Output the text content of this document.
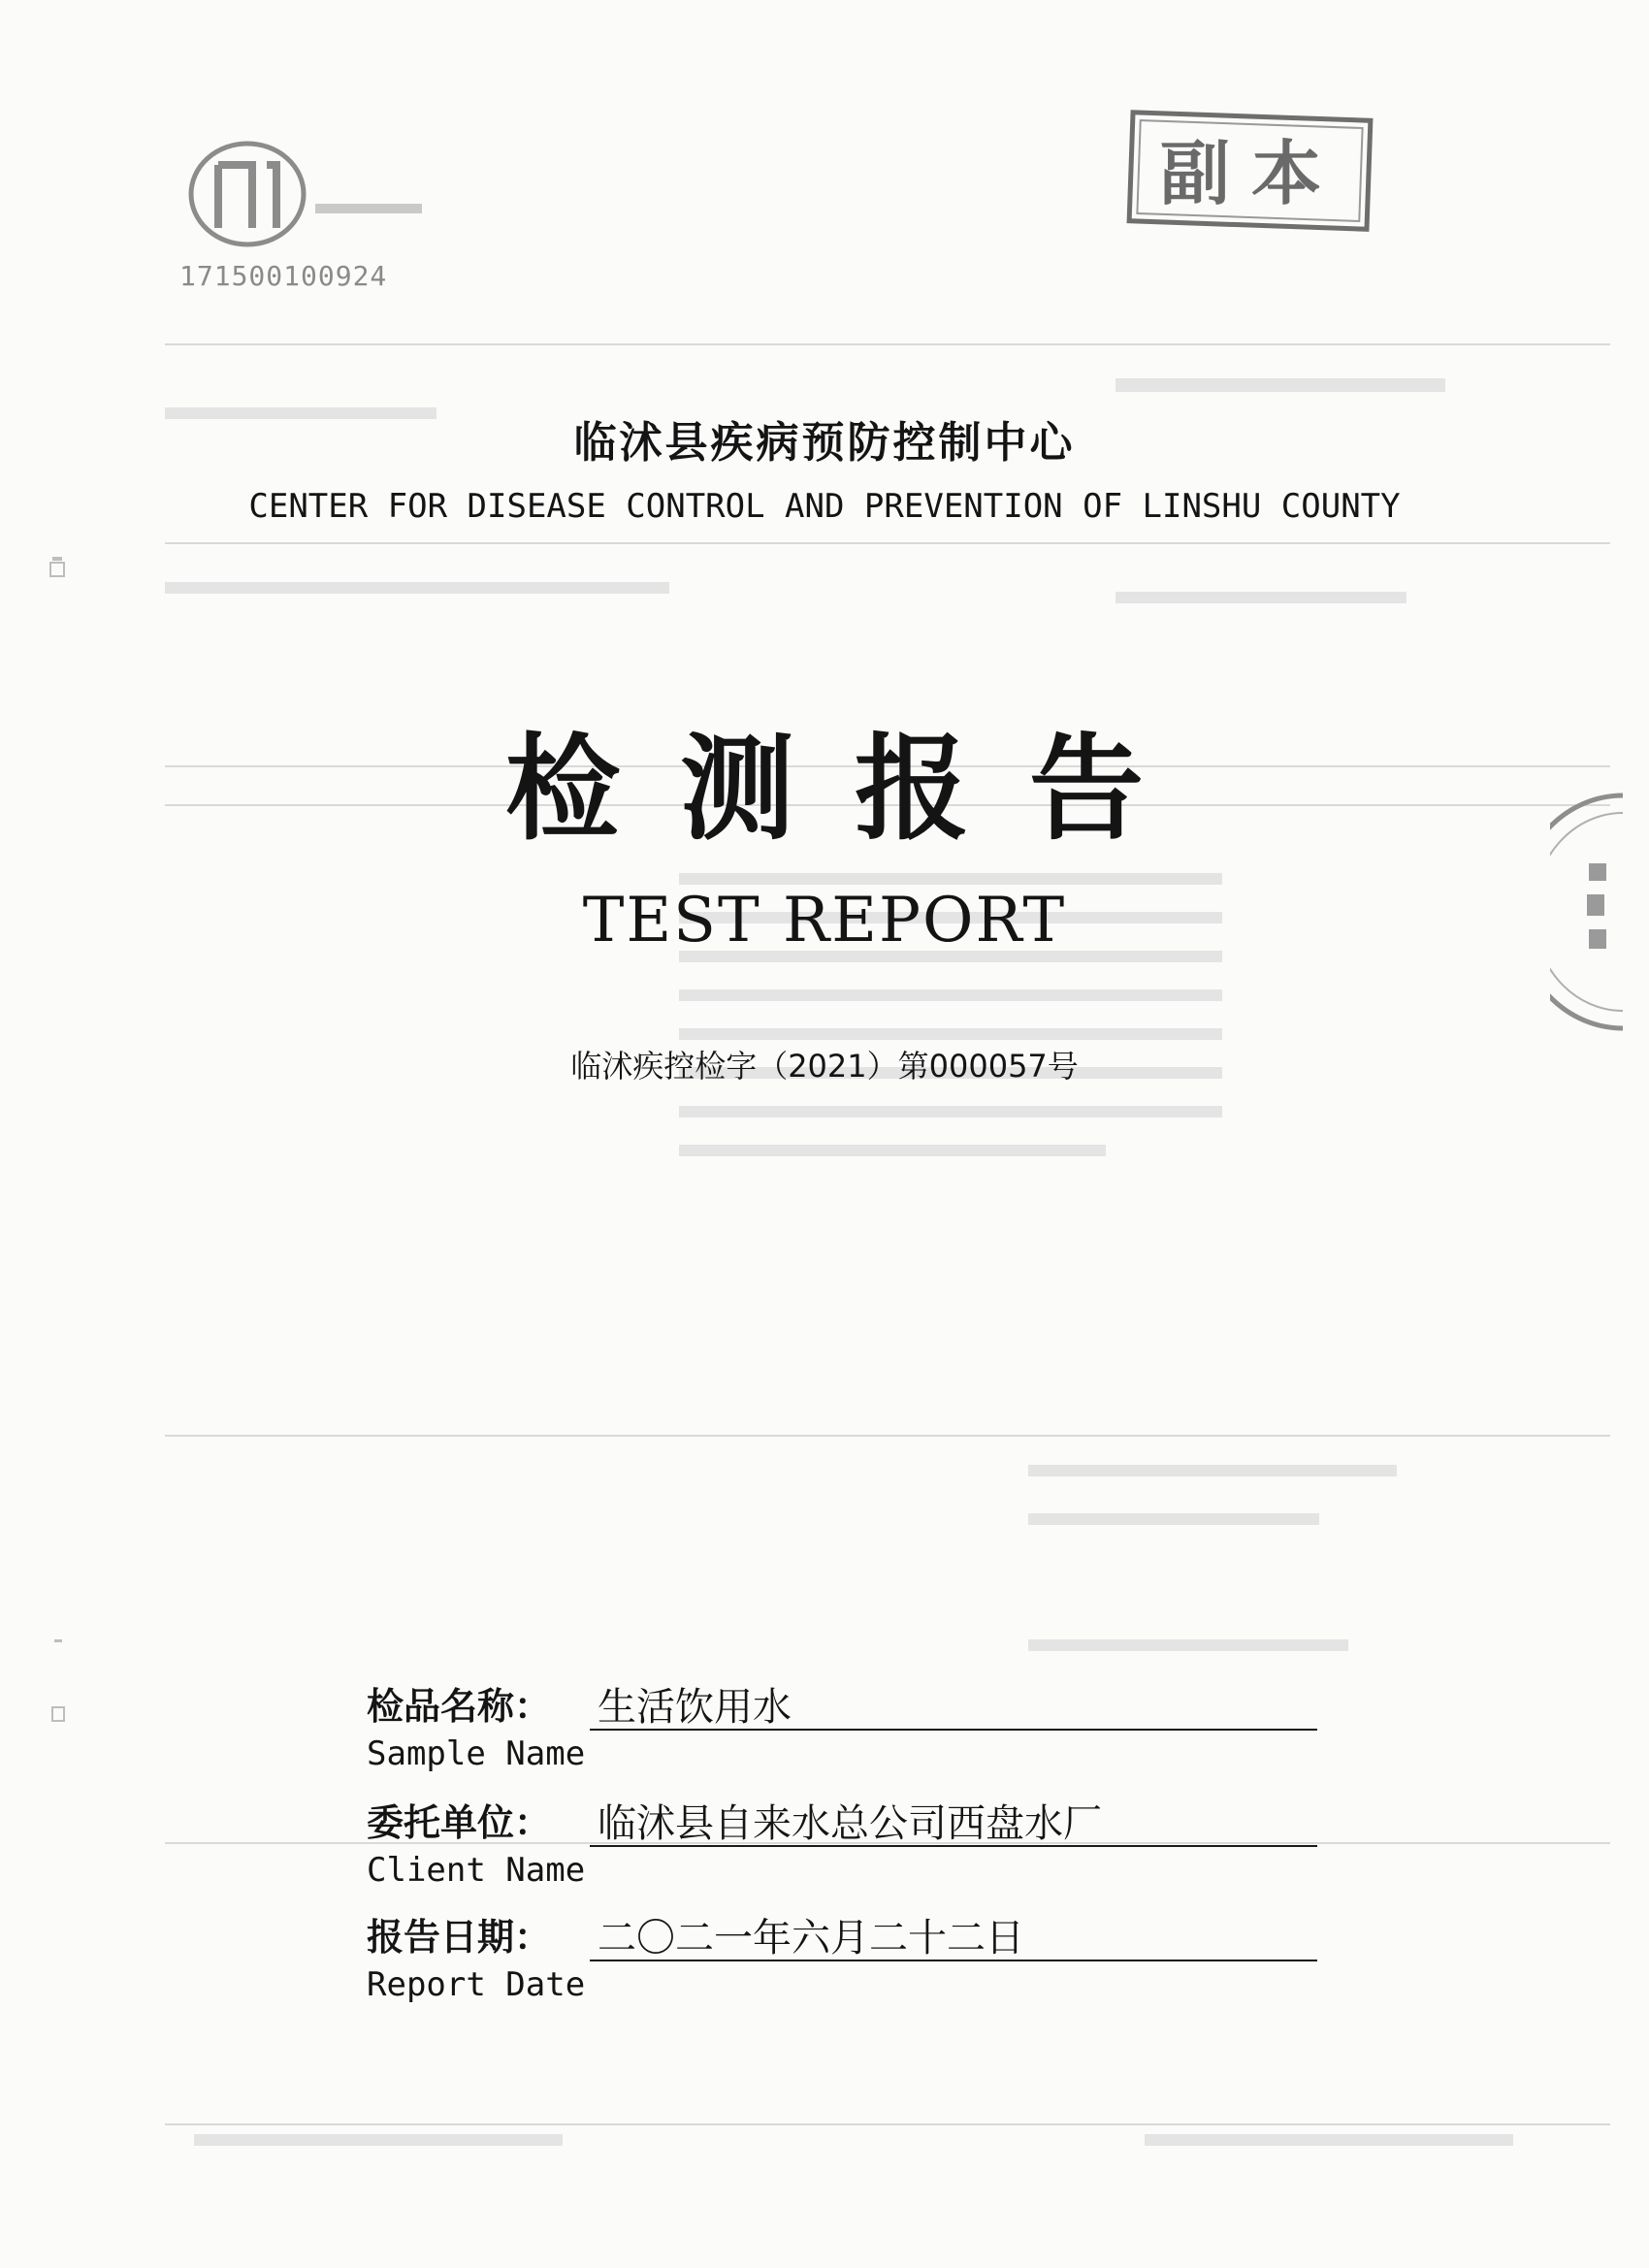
171500100924
副本
临沭县疾病预防控制中心
CENTER FOR DISEASE CONTROL AND PREVENTION OF LINSHU COUNTY
检测报告
TEST REPORT
临沭疾控检字（2021）第000057号
检品名称： 生活饮用水
Sample Name
委托单位： 临沭县自来水总公司西盘水厂
Client Name
报告日期： 二〇二一年六月二十二日
Report Date
